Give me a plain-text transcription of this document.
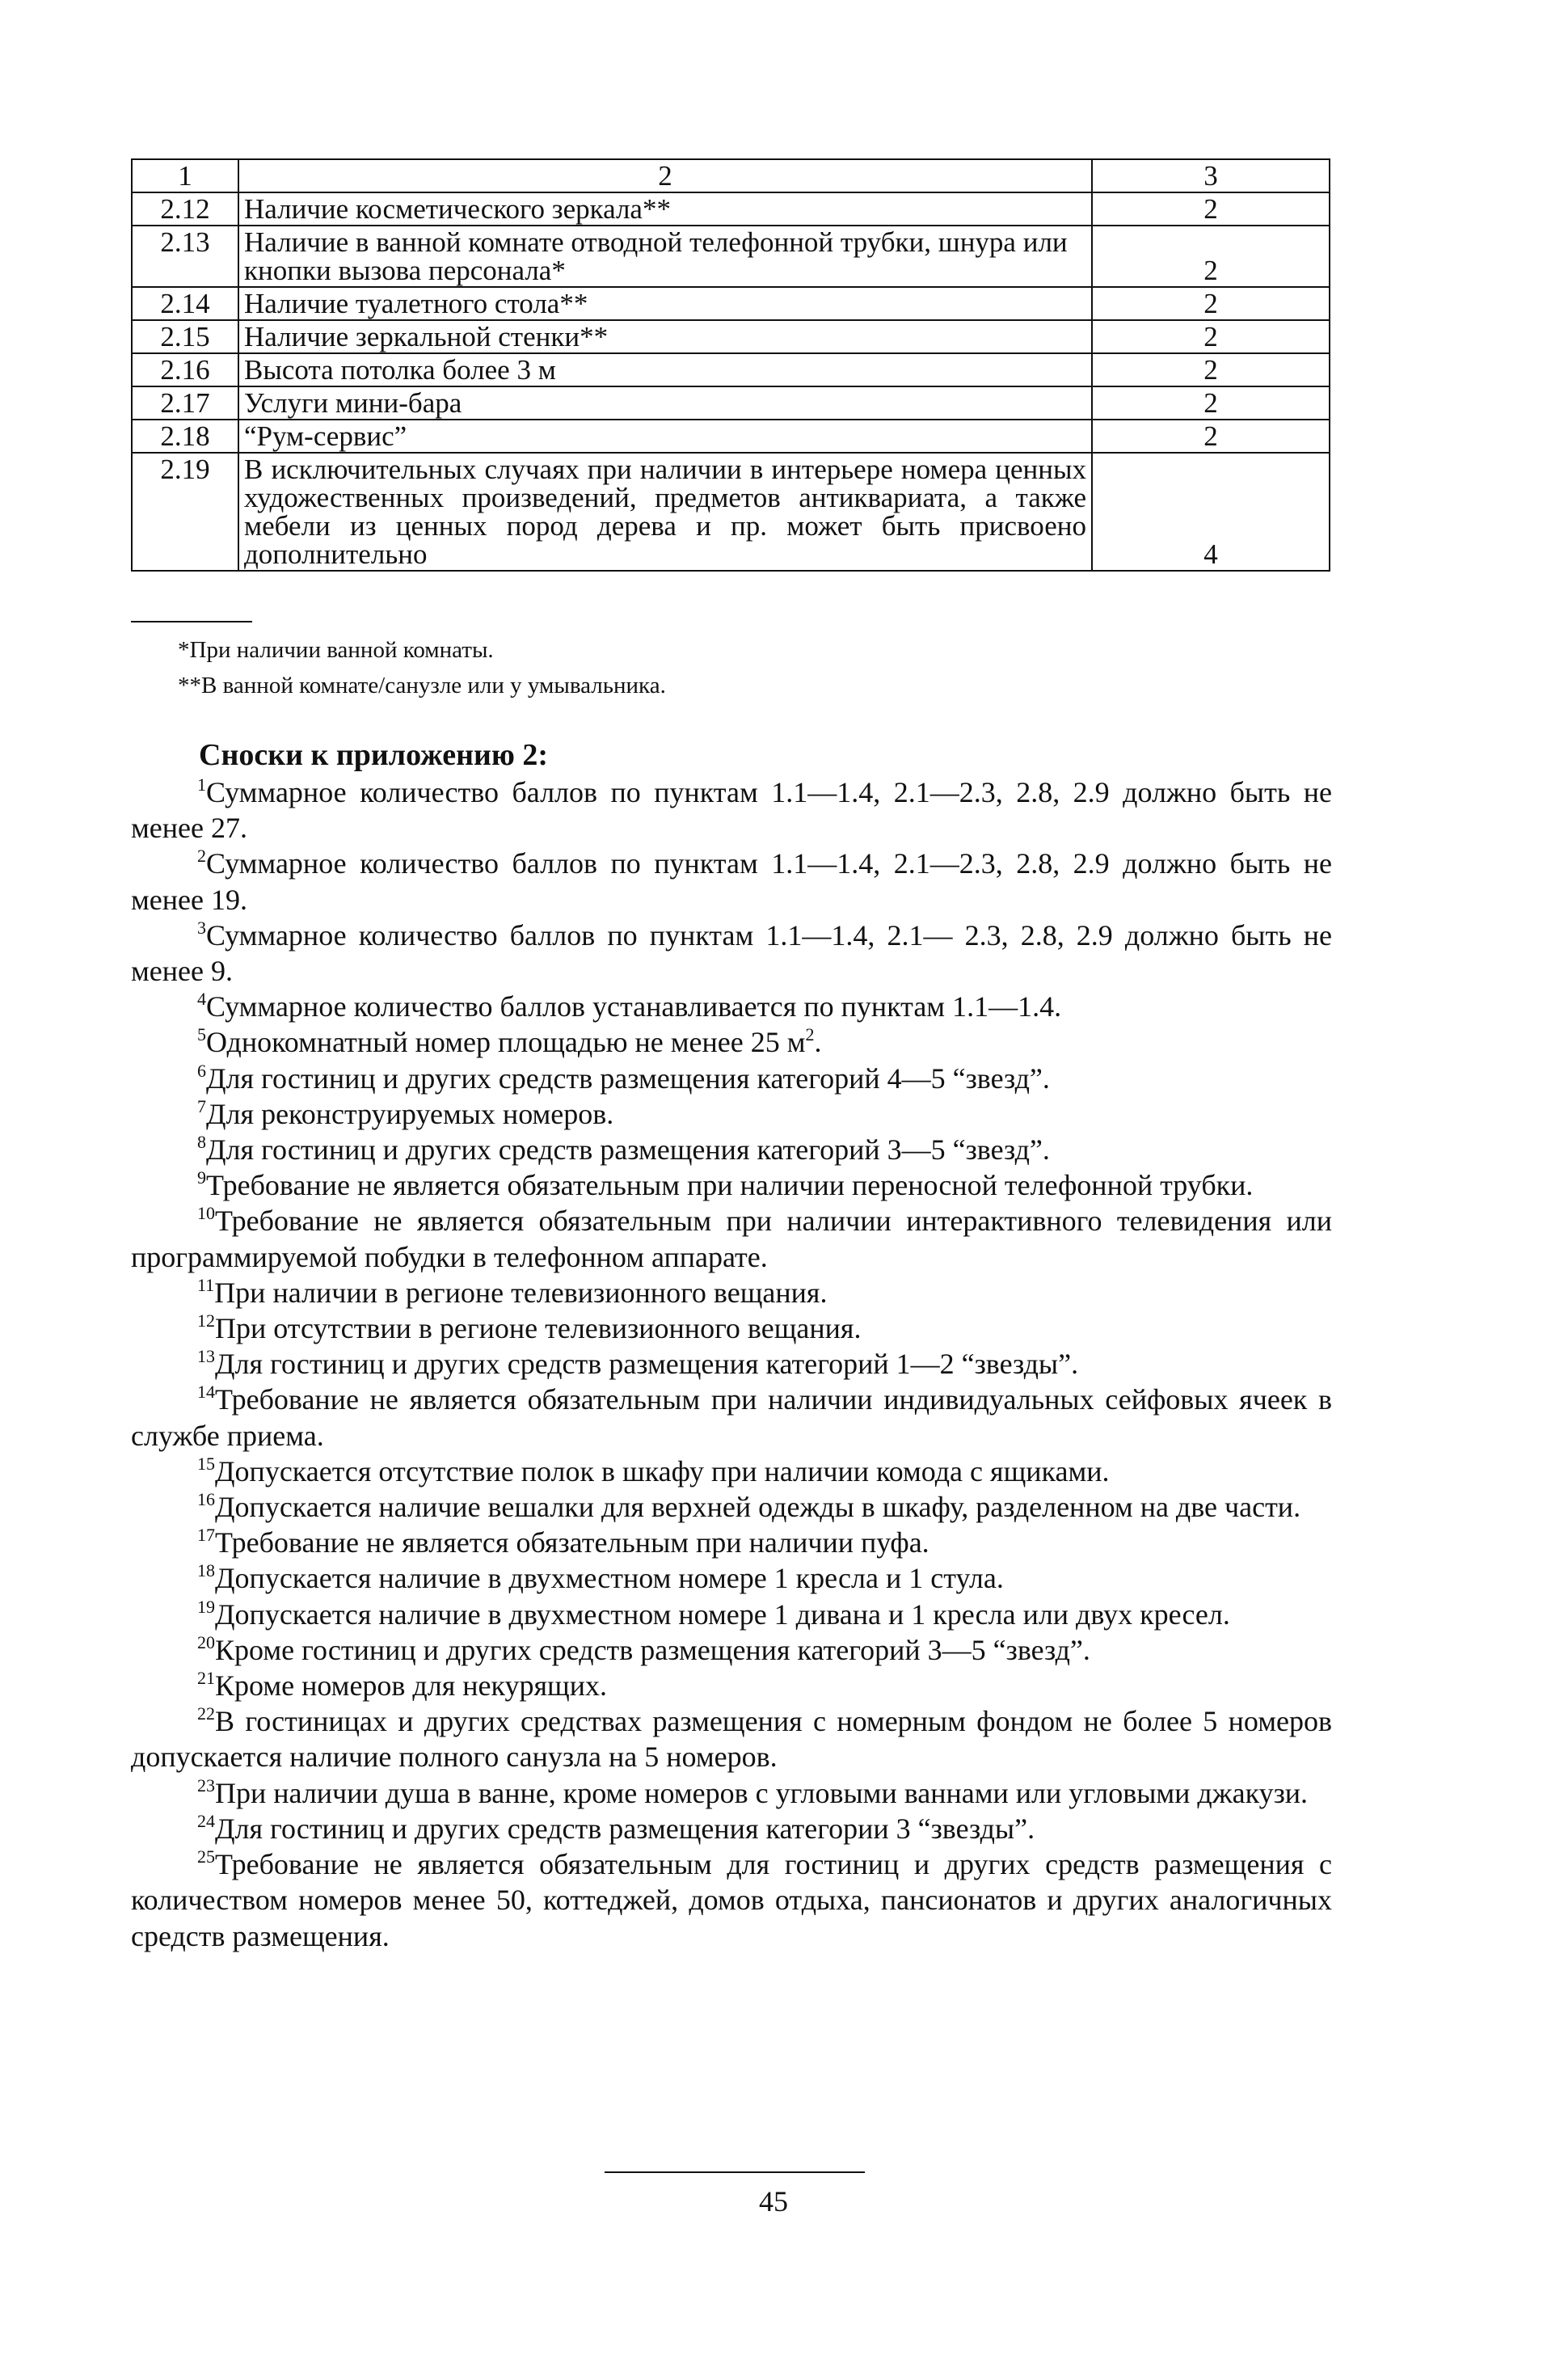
1	2	3
2.12	Наличие косметического зеркала**	2
2.13	Наличие в ванной комнате отводной телефонной трубки, шнура или кнопки вызова персонала*	2
2.14	Наличие туалетного стола**	2
2.15	Наличие зеркальной стенки**	2
2.16	Высота потолка более 3 м	2
2.17	Услуги мини-бара	2
2.18	“Рум-сервис”	2
2.19	В исключительных случаях при наличии в интерьере номера ценных художественных произведений, предметов антиквариата, а также мебели из ценных пород дерева и пр. может быть присвоено дополнительно	4
*При наличии ванной комнаты.
**В ванной комнате/санузле или у умывальника.
Сноски к приложению 2:

$^1$Суммарное количество баллов по пунктам 1.1—1.4, 2.1—2.3, 2.8, 2.9 должно быть не менее 27.

$^2$Суммарное количество баллов по пунктам 1.1—1.4, 2.1—2.3, 2.8, 2.9 должно быть не менее 19.

$^3$Суммарное количество баллов по пунктам 1.1—1.4, 2.1— 2.3, 2.8, 2.9 должно быть не менее 9.

$^4$Суммарное количество баллов устанавливается по пунктам 1.1—1.4.

$^5$Однокомнатный номер площадью не менее 25 $м^2$.

$^6$Для гостиниц и других средств размещения категорий 4—5 “звезд”.

$^7$Для реконструируемых номеров.

$^8$Для гостиниц и других средств размещения категорий 3—5 “звезд”.

$^9$Требование не является обязательным при наличии переносной телефонной трубки.

$^{10}$Требование не является обязательным при наличии интерактивного телевидения или программируемой побудки в телефонном аппарате.

$^{11}$При наличии в регионе телевизионного вещания.

$^{12}$При отсутствии в регионе телевизионного вещания.

$^{13}$Для гостиниц и других средств размещения категорий 1—2 “звезды”.

$^{14}$Требование не является обязательным при наличии индивидуальных сейфовых ячеек в службе приема.

$^{15}$Допускается отсутствие полок в шкафу при наличии комода с ящиками.

$^{16}$Допускается наличие вешалки для верхней одежды в шкафу, разделенном на две части.

$^{17}$Требование не является обязательным при наличии пуфа.

$^{18}$Допускается наличие в двухместном номере 1 кресла и 1 стула.

$^{19}$Допускается наличие в двухместном номере 1 дивана и 1 кресла или двух кресел.

$^{20}$Кроме гостиниц и других средств размещения категорий 3—5 “звезд”.

$^{21}$Кроме номеров для некурящих.

$^{22}$В гостиницах и других средствах размещения с номерным фондом не более 5 номеров допускается наличие полного санузла на 5 номеров.

$^{23}$При наличии душа в ванне, кроме номеров с угловыми ваннами или угловыми джакузи.

$^{24}$Для гостиниц и других средств размещения категории 3 “звезды”.

$^{25}$Требование не является обязательным для гостиниц и других средств размещения с количеством номеров менее 50, коттеджей, домов отдыха, пансионатов и других аналогичных средств размещения.

45
